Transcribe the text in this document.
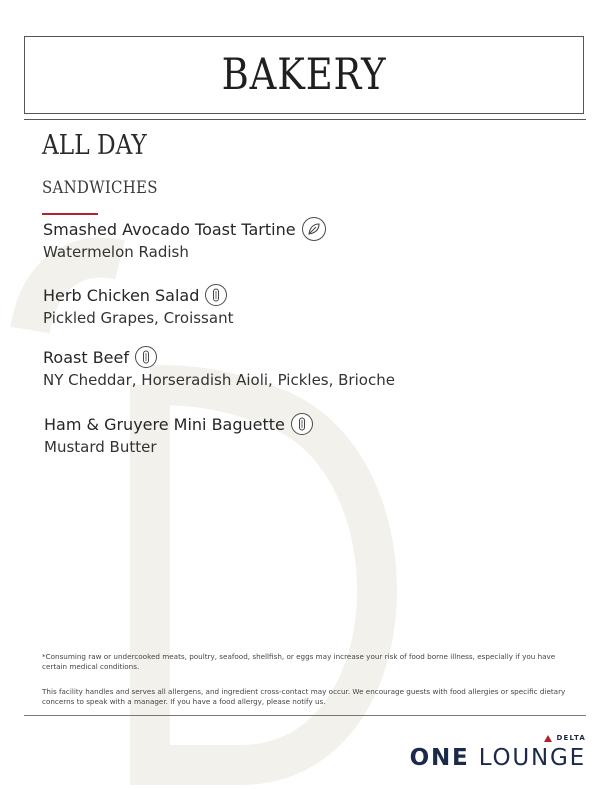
BAKERY
ALL DAY
SANDWICHES
Smashed Avocado Toast Tartine
Watermelon Radish
Herb Chicken Salad
Pickled Grapes, Croissant
Roast Beef
NY Cheddar, Horseradish Aioli, Pickles, Brioche
Ham & Gruyere Mini Baguette
Mustard Butter
*Consuming raw or undercooked meats, poultry, seafood, shellfish, or eggs may increase your risk of food borne illness, especially if you have certain medical conditions.
This facility handles and serves all allergens, and ingredient cross-contact may occur. We encourage guests with food allergies or specific dietary concerns to speak with a manager. If you have a food allergy, please notify us.
DELTA
ONE LOUNGE
